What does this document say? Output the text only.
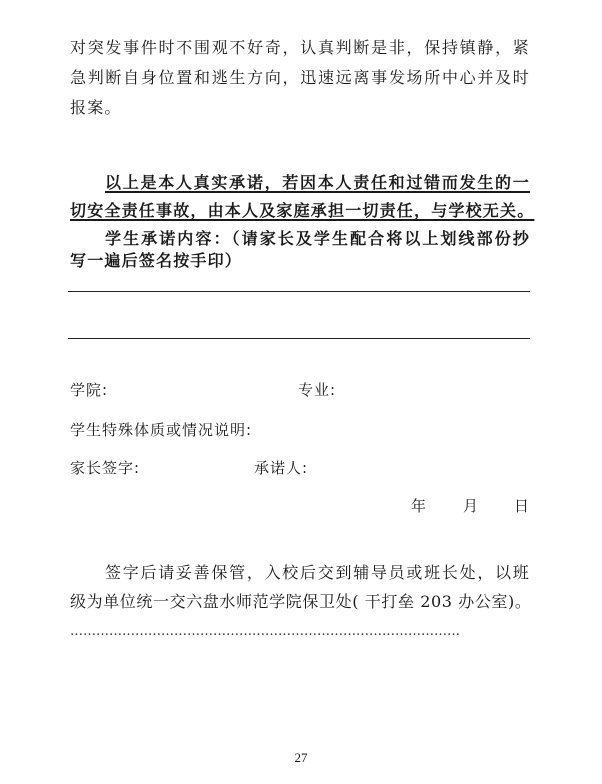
对突发事件时不围观不好奇，认真判断是非，保持镇静，紧
急判断自身位置和逃生方向，迅速远离事发场所中心并及时
报案。
以上是本人真实承诺，若因本人责任和过错而发生的一
切安全责任事故，由本人及家庭承担一切责任，与学校无关。
学生承诺内容：（请家长及学生配合将以上划线部份抄
写一遍后签名按手印）
学院:	专业:
学生特殊体质或情况说明:
家长签字:	承诺人:
年 月 日
签字后请妥善保管，入校后交到辅导员或班长处，以班
级为单位统一交六盘水师范学院保卫处( 干打垒 203 办公室)。
………………………………………………………………………………
27
